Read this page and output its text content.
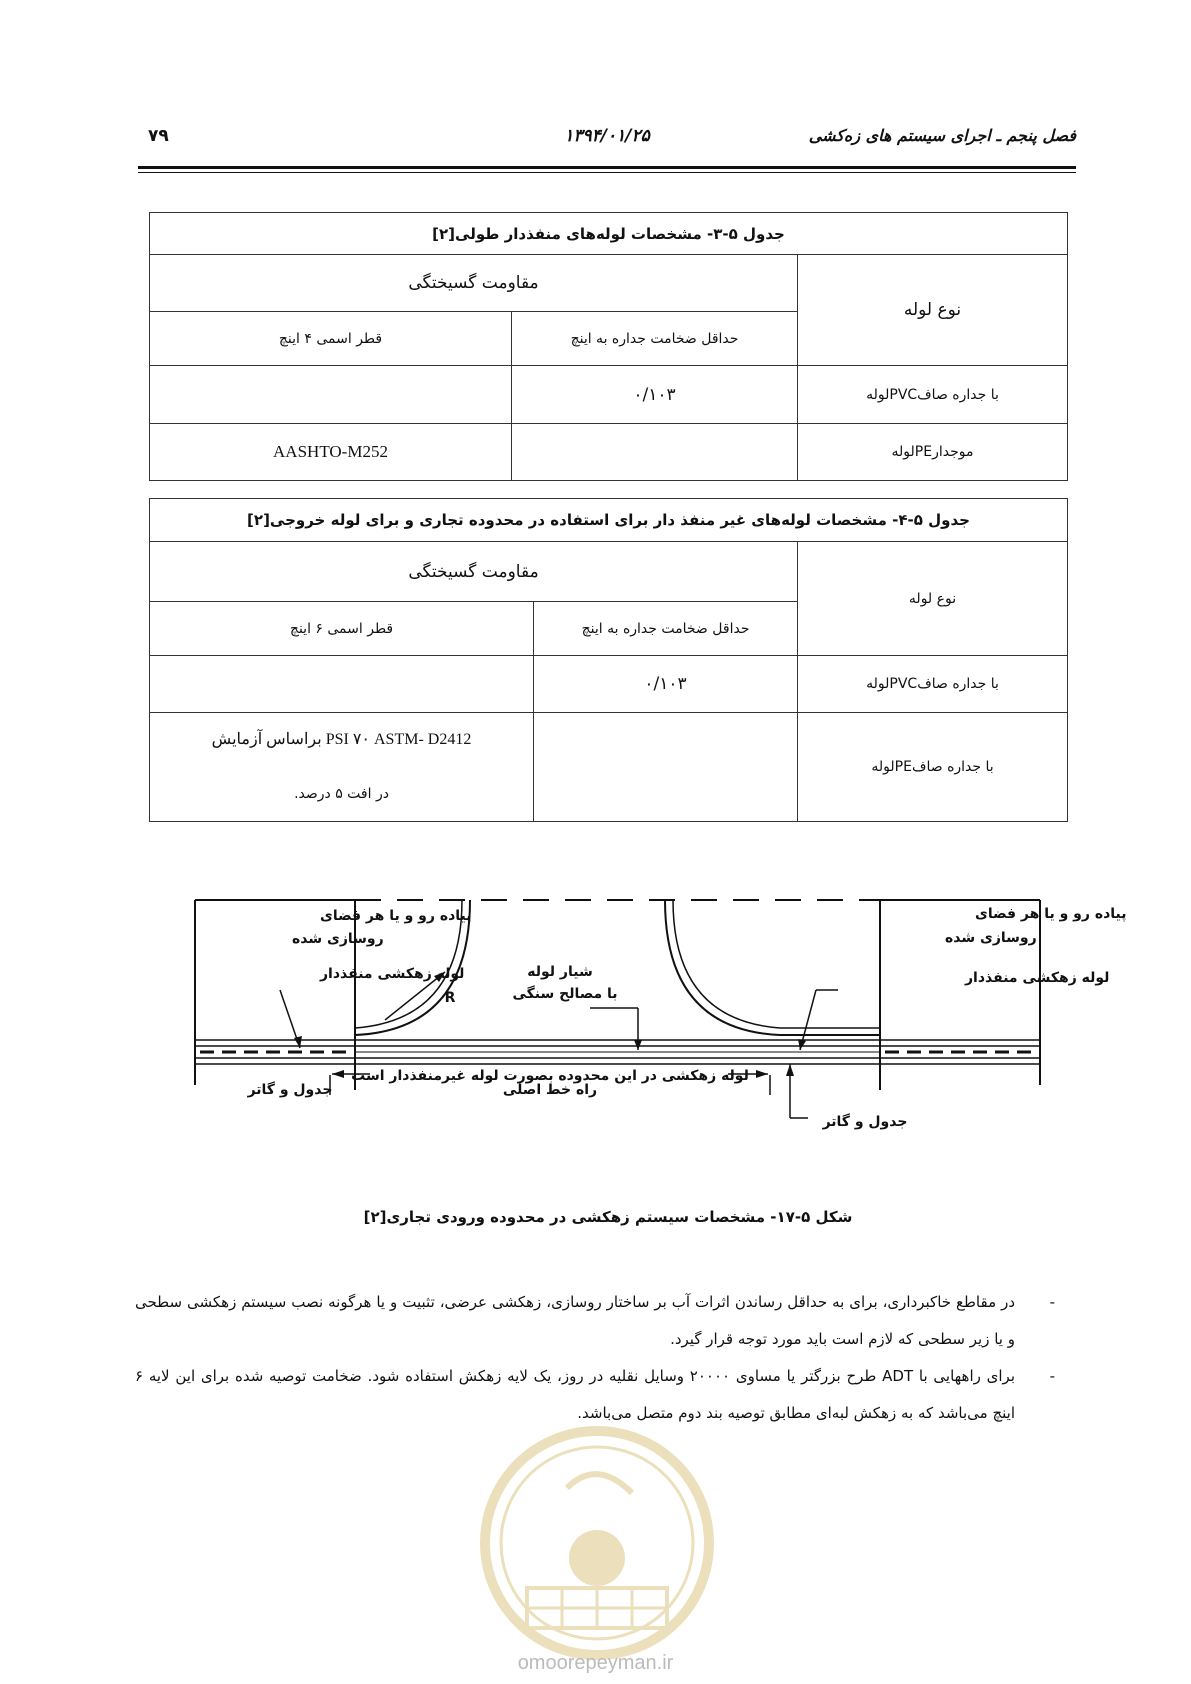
فصل پنجم ـ اجرای سیستم های زه‌کشی
۱۳۹۴/۰۱/۲۵
۷۹
جدول ۵-۳- مشخصات لوله‌های منفذدار طولی[۲]		
نوع لوله	مقاومت گسیختگی	
	حداقل ضخامت جداره به اینچ	قطر اسمی ۴ اینچ
با جداره صافPVCلوله	۰/۱۰۳	
موجدارPEلوله		AASHTO-M252
جدول ۵-۴- مشخصات لوله‌های غیر منفذ دار برای استفاده در محدوده تجاری و برای لوله خروجی[۲]		
نوع لوله	مقاومت گسیختگی	
	حداقل ضخامت جداره به اینچ	قطر اسمی ۶ اینچ
با جداره صافPVCلوله	۰/۱۰۳	
با جداره صافPEلوله		PSI ۷۰ ASTM- D2412 براساس آزمایش
در افت ۵ درصد.
پیاده رو و یا هر فضای
روسازی شده
لوله زهکشی منفذدار
پیاده رو و یا هر فضای
روسازی شده
لوله زهکشی منفذدار
شیار لوله
با مصالح سنگی
R
راه خط اصلی
جدول و گاتر
جدول و گاتر
لوله زهکشی در این محدوده بصورت لوله غیرمنفذدار است
شکل ۵-۱۷- مشخصات سیستم زهکشی در محدوده ورودی تجاری[۲]
-
در مقاطع خاکبرداری، برای به حداقل رساندن اثرات آب بر ساختار روسازی، زهکشی عرضی، تثبیت و یا هرگونه نصب سیستم زهکشی سطحی و یا زیر سطحی که لازم است باید مورد توجه قرار گیرد.
-
برای راههایی با ADT طرح بزرگتر یا مساوی ۲۰۰۰۰ وسایل نقلیه در روز، یک لایه زهکش استفاده شود. ضخامت توصیه شده برای این لایه ۶ اینچ می‌باشد که به زهکش لبه‌ای مطابق توصیه بند دوم متصل می‌باشد.
omoorepeyman.ir
